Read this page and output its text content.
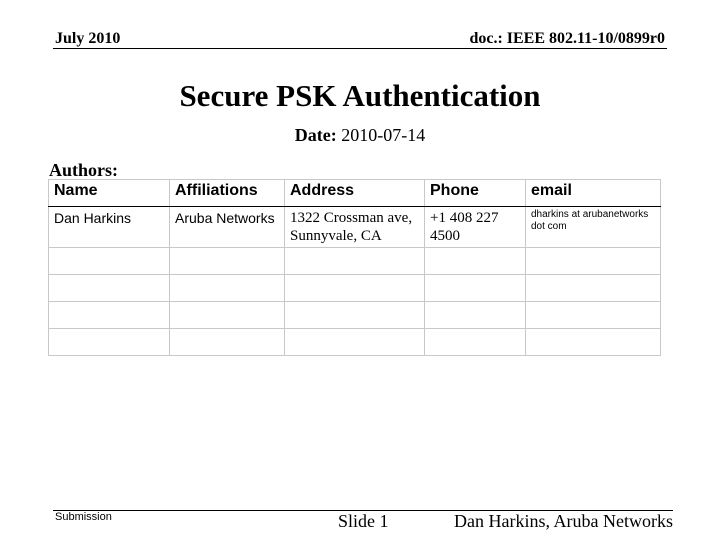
July 2010	doc.: IEEE 802.11-10/0899r0
Secure PSK Authentication
Date: 2010-07-14
Authors:
Name	Affiliations	Address	Phone	email
Dan Harkins	Aruba Networks	1322 Crossman ave, Sunnyvale, CA	+1 408 227 4500	dharkins at arubanetworks dot com

Submission	Slide 1	Dan Harkins, Aruba Networks
